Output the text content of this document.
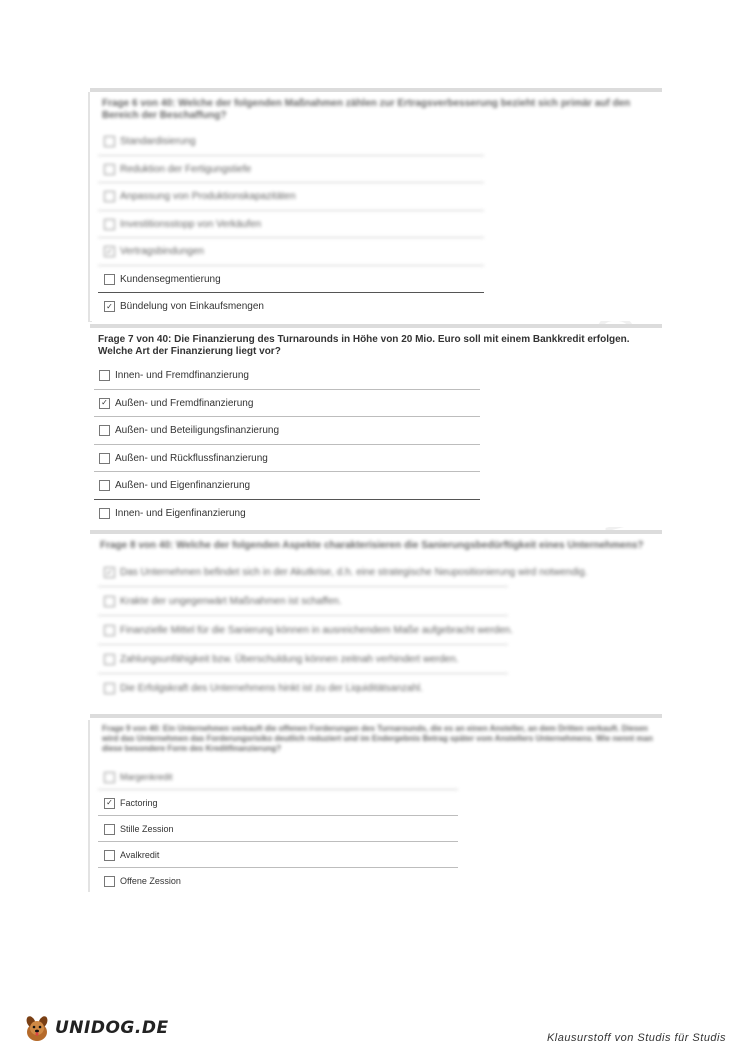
Frage 6 von 40: Welche der folgenden Maßnahmen zählen zur Ertragsverbesserung bezieht sich primär auf den Bereich der Beschaffung?
Standardisierung
Reduktion der Fertigungstiefe
Anpassung von Produktionskapazitäten
Investitionsstopp von Verkäufen
✓ Vertragsbindungen
Kundensegmentierung
✓ Bündelung von Einkaufsmengen
Frage 7 von 40: Die Finanzierung des Turnarounds in Höhe von 20 Mio. Euro soll mit einem Bankkredit erfolgen. Welche Art der Finanzierung liegt vor?
Innen- und Fremdfinanzierung
✓ Außen- und Fremdfinanzierung
Außen- und Beteiligungsfinanzierung
Außen- und Rückflussfinanzierung
Außen- und Eigenfinanzierung
Innen- und Eigenfinanzierung
Frage 8 von 40: Welche der folgenden Aspekte charakterisieren die Sanierungsbedürftigkeit eines Unternehmens?
✓ Das Unternehmen befindet sich in der Akutkrise, d.h. eine strategische Neupositionierung wird notwendig.
Krakte der ungegenwärt Maßnahmen ist schaffen.
Finanzielle Mittel für die Sanierung können in ausreichendem Maße aufgebracht werden.
Zahlungsunfähigkeit bzw. Überschuldung können zeitnah verhindert werden.
Die Erfolgskraft des Unternehmens hinkt ist zu der Liquiditätsanzahl.
Frage 9 von 40: Ein Unternehmen verkauft die offenen Forderungen des Turnarounds, die es an einen Ansteller, an dem Dritten verkauft. Diesen wird das Unternehmen das Forderungsrisiko deutlich reduziert und im Endergebnis Betrag später vom Anstellers Unternehmens. Wie nennt man diese besondere Form des Kreditfinanzierung?
Margenkredit
✓ Factoring
Stille Zession
Avalkredit
Offene Zession
UNIDOG.DE	Klausurstoff von Studis für Studis
